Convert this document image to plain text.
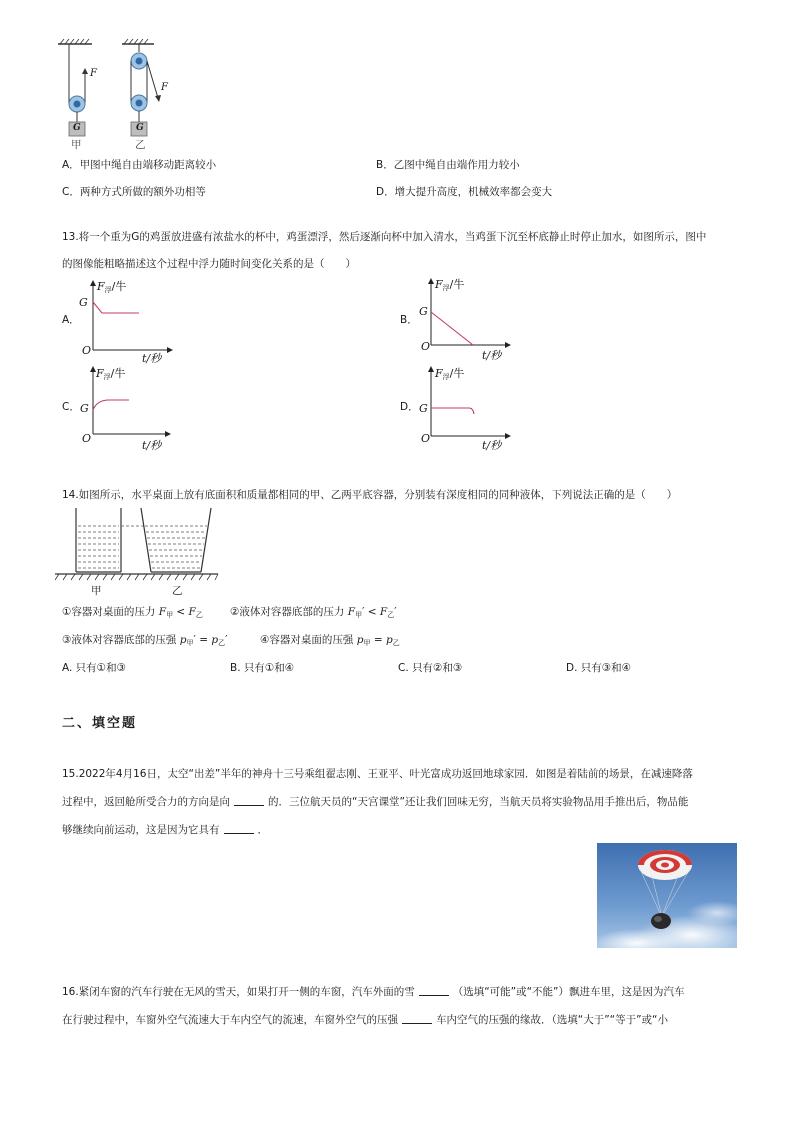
F
F
G	G
甲	乙
A．甲图中绳自由端移动距离较小	B．乙图中绳自由端作用力较小
C．两种方式所做的额外功相等	D．增大提升高度，机械效率都会变大
13.将一个重为G的鸡蛋放进盛有浓盐水的杯中，鸡蛋漂浮，然后逐渐向杯中加入清水，当鸡蛋下沉至杯底静止时停止加水，如图所示，图中
的图像能粗略描述这个过程中浮力随时间变化关系的是（　　）
A．
$F_浮/$牛
G
O
t/秒
B．
$F_浮/$牛
G
O
t/秒
C．
$F_浮/$牛
G
O
t/秒
D．
$F_浮/$牛
G
O
t/秒
14.如图所示，水平桌面上放有底面积和质量都相同的甲、乙两平底容器，分别装有深度相同的同种液体，下列说法正确的是（　　）
甲	乙
①容器对桌面的压力 $F_甲 < F_乙$	②液体对容器底部的压力 $F_甲' < F_乙'$
③液体对容器底部的压强 $p_甲' = p_乙'$	④容器对桌面的压强 $p_甲 = p_乙$
A. 只有①和③	B. 只有①和④	C. 只有②和③	D. 只有③和④
二、填空题
15.2022年4月16日，太空“出差”半年的神舟十三号乘组翟志刚、王亚平、叶光富成功返回地球家园．如图是着陆前的场景，在减速降落
过程中，返回舱所受合力的方向是向	的．三位航天员的“天宫课堂”还让我们回味无穷，当航天员将实验物品用手推出后，物品能
够继续向前运动，这是因为它具有	．
16.紧闭车窗的汽车行驶在无风的雪天，如果打开一侧的车窗，汽车外面的雪	（选填“可能”或“不能”）飘进车里，这是因为汽车
在行驶过程中，车窗外空气流速大于车内空气的流速，车窗外空气的压强	车内空气的压强的缘故．（选填“大于”“等于”或“小
